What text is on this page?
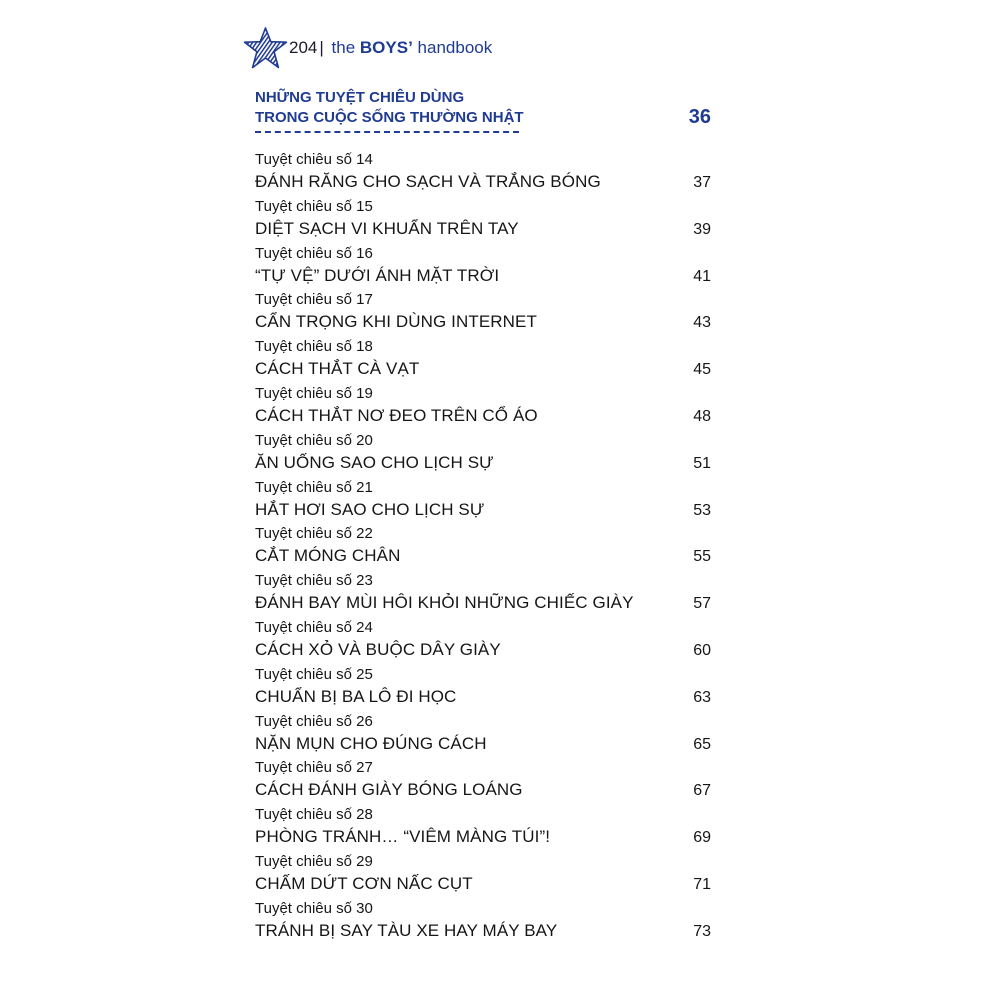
204 | the BOYS’ handbook
NHỮNG TUYỆT CHIÊU DÙNG
TRONG CUỘC SỐNG THƯỜNG NHẬT	36
Tuyệt chiêu số 14
ĐÁNH RĂNG CHO SẠCH VÀ TRẮNG BÓNG	37
Tuyệt chiêu số 15
DIỆT SẠCH VI KHUẨN TRÊN TAY	39
Tuyệt chiêu số 16
“TỰ VỆ” DƯỚI ÁNH MẶT TRỜI	41
Tuyệt chiêu số 17
CẨN TRỌNG KHI DÙNG INTERNET	43
Tuyệt chiêu số 18
CÁCH THẮT CÀ VẠT	45
Tuyệt chiêu số 19
CÁCH THẮT NƠ ĐEO TRÊN CỔ ÁO	48
Tuyệt chiêu số 20
ĂN UỐNG SAO CHO LỊCH SỰ	51
Tuyệt chiêu số 21
HẮT HƠI SAO CHO LỊCH SỰ	53
Tuyệt chiêu số 22
CẮT MÓNG CHÂN	55
Tuyệt chiêu số 23
ĐÁNH BAY MÙI HÔI KHỎI NHỮNG CHIẾC GIÀY	57
Tuyệt chiêu số 24
CÁCH XỎ VÀ BUỘC DÂY GIÀY	60
Tuyệt chiêu số 25
CHUẨN BỊ BA LÔ ĐI HỌC	63
Tuyệt chiêu số 26
NẶN MỤN CHO ĐÚNG CÁCH	65
Tuyệt chiêu số 27
CÁCH ĐÁNH GIÀY BÓNG LOÁNG	67
Tuyệt chiêu số 28
PHÒNG TRÁNH… “VIÊM MÀNG TÚI”!	69
Tuyệt chiêu số 29
CHẤM DỨT CƠN NẤC CỤT	71
Tuyệt chiêu số 30
TRÁNH BỊ SAY TÀU XE HAY MÁY BAY	73
